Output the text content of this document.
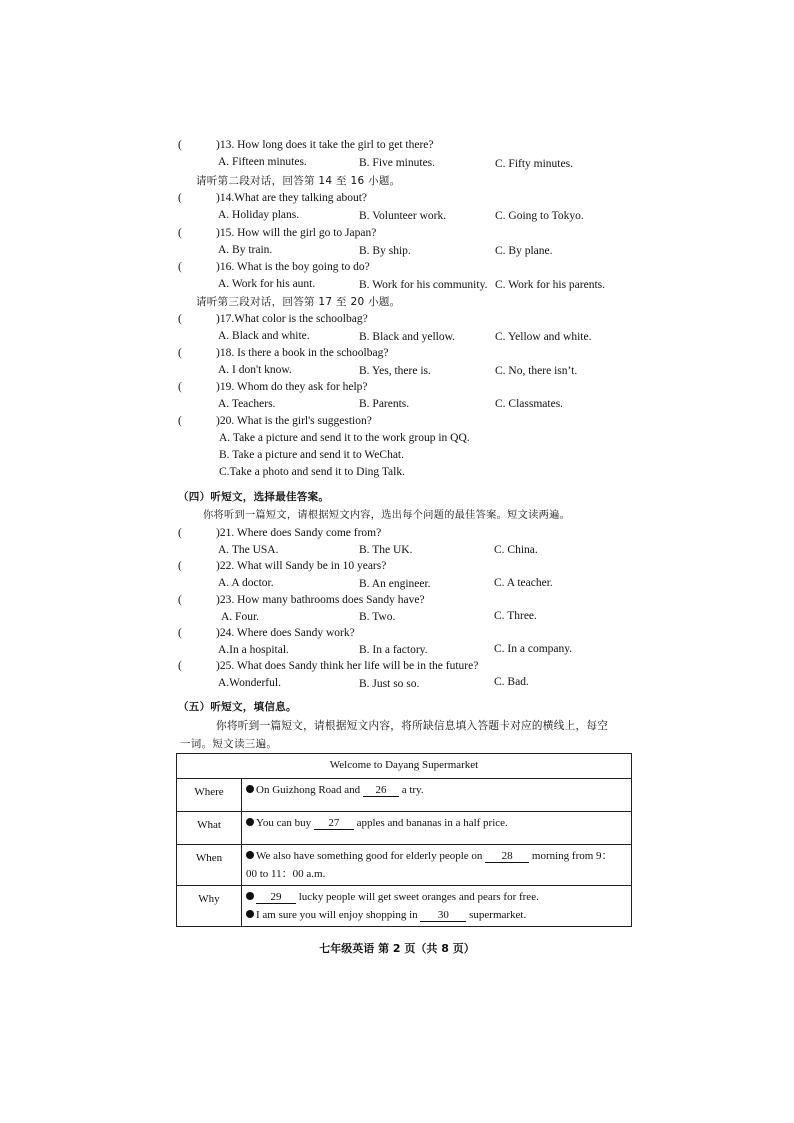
(	)13. How long does it take the girl to get there?
A. Fifteen minutes.	B. Five minutes.	C. Fifty minutes.
请听第二段对话，回答第 14 至 16 小题。
(	)14.What are they talking about?
A. Holiday plans.	B. Volunteer work.	C. Going to Tokyo.
(	)15. How will the girl go to Japan?
A. By train.	B. By ship.	C. By plane.
(	)16. What is the boy going to do?
A. Work for his aunt.	B. Work for his community. C. Work for his parents.
请听第三段对话，回答第 17 至 20 小题。
(	)17.What color is the schoolbag?
A. Black and white.	B. Black and yellow.	C. Yellow and white.
(	)18. Is there a book in the schoolbag?
A. I don't know.	B. Yes, there is.	C. No, there isn’t.
(	)19. Whom do they ask for help?
A. Teachers.	B. Parents.	C. Classmates.
(	)20. What is the girl's suggestion?
A. Take a picture and send it to the work group in QQ.
B. Take a picture and send it to WeChat.
C.Take a photo and send it to Ding Talk.
（四）听短文，选择最佳答案。
你将听到一篇短文，请根据短文内容，选出每个问题的最佳答案。短文读两遍。
(	)21. Where does Sandy come from?
A. The USA.	B. The UK.	C. China.
(	)22. What will Sandy be in 10 years?
A. A doctor.	B. An engineer.	C. A teacher.
(	)23. How many bathrooms does Sandy have?
A. Four.	B. Two.	C. Three.
(	)24. Where does Sandy work?
A.In a hospital.	B. In a factory.	C. In a company.
(	)25. What does Sandy think her life will be in the future?
A.Wonderful.	B. Just so so.	C. Bad.
（五）听短文，填信息。
你将听到一篇短文，请根据短文内容，将所缺信息填入答题卡对应的横线上，每空
一词。短文读三遍。
Welcome to Dayang Supermarket	
Where	On Guizhong Road and 26 a try.
What	You can buy 27 apples and bananas in a half price.
When	We also have something good for elderly people on 28 morning from 9：
00 to 11：00 a.m.
Why	29 lucky people will get sweet oranges and pears for free.
I am sure you will enjoy shopping in 30 supermarket.
七年级英语 第 2 页（共 8 页）
